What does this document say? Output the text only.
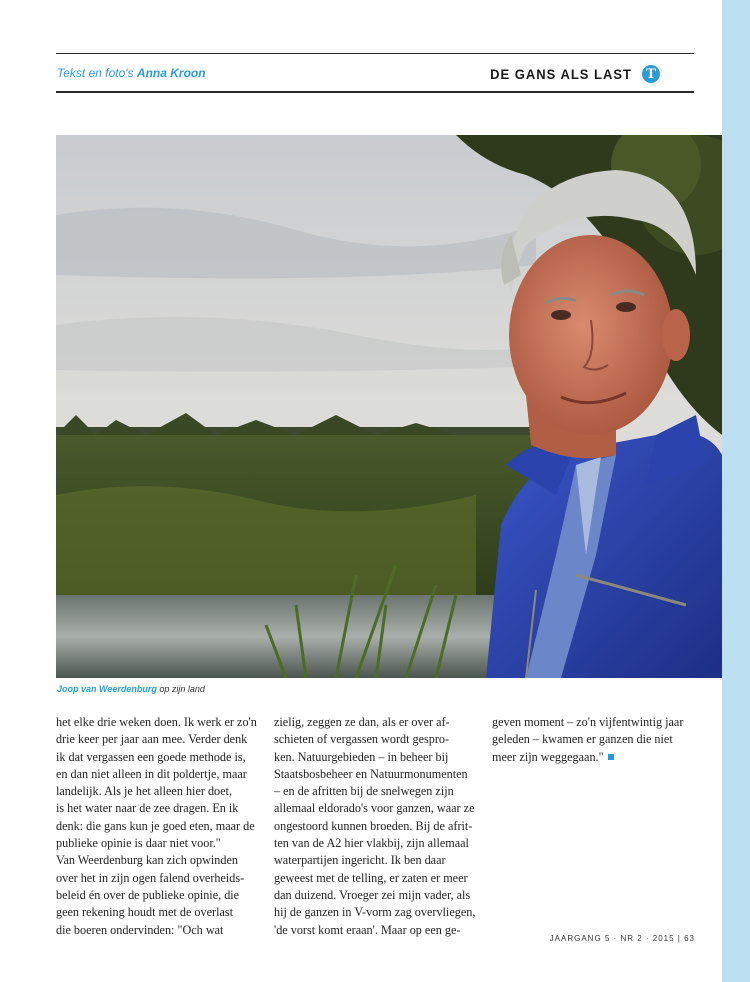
Tekst en foto's Anna Kroon	DE GANS ALS LAST T
Joop van Weerdenburg op zijn land

het elke drie weken doen. Ik werk er zo'n

drie keer per jaar aan mee. Verder denk

ik dat vergassen een goede methode is,

en dan niet alleen in dit poldertje, maar

landelijk. Als je het alleen hier doet,

is het water naar de zee dragen. En ik

denk: die gans kun je goed eten, maar de

publieke opinie is daar niet voor."

Van Weerdenburg kan zich opwinden

over het in zijn ogen falend overheids-

beleid én over de publieke opinie, die

geen rekening houdt met de overlast

die boeren ondervinden: "Och wat

zielig, zeggen ze dan, als er over af-

schieten of vergassen wordt gespro-

ken. Natuurgebieden – in beheer bij

Staatsbosbeheer en Natuurmonumenten

– en de afritten bij de snelwegen zijn

allemaal eldorado's voor ganzen, waar ze

ongestoord kunnen broeden. Bij de afrit-

ten van de A2 hier vlakbij, zijn allemaal

waterpartijen ingericht. Ik ben daar

geweest met de telling, er zaten er meer

dan duizend. Vroeger zei mijn vader, als

hij de ganzen in V-vorm zag overvliegen,

'de vorst komt eraan'. Maar op een ge-

geven moment – zo'n vijfentwintig jaar

geleden – kwamen er ganzen die niet

meer zijn weggegaan."

JAARGANG 5 · NR 2 · 2015 | 63
